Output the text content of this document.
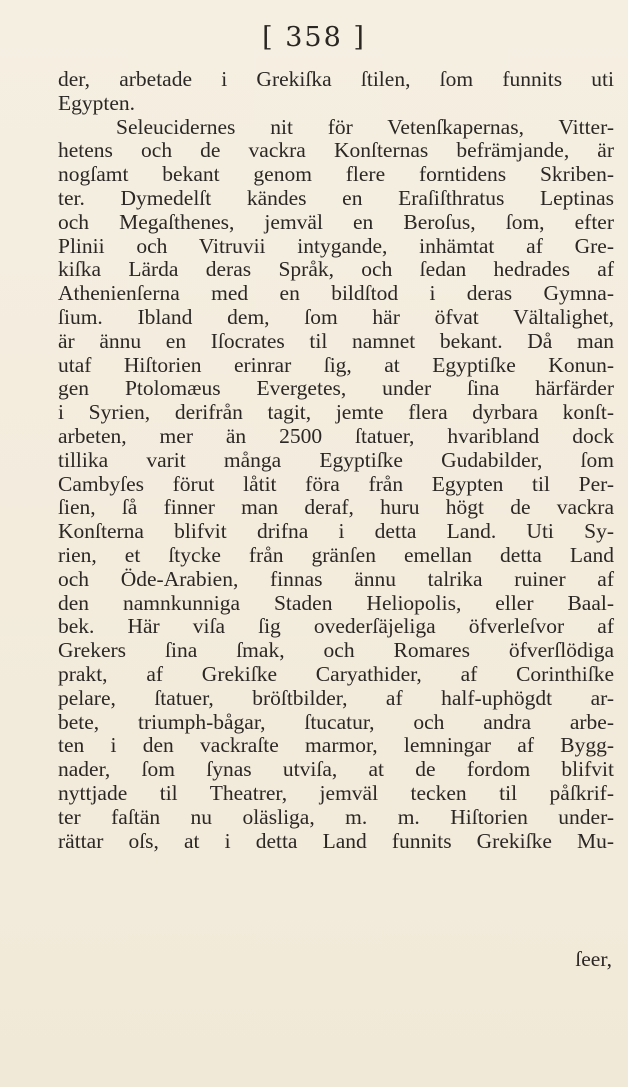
[ 358 ]
der, arbetade i Grekiſka ſtilen, ſom funnits uti
Egypten.
Seleucidernes nit för Vetenſkapernas, Vitter-
hetens och de vackra Konſternas befrämjande, är
nogſamt bekant genom flere forntidens Skriben-
ter. Dymedelſt kändes en Eraſiſthratus Leptinas
och Megaſthenes, jemväl en Beroſus, ſom, efter
Plinii och Vitruvii intygande, inhämtat af Gre-
kiſka Lärda deras Språk, och ſedan hedrades af
Athenienſerna med en bildſtod i deras Gymna-
ſium. Ibland dem, ſom här öfvat Vältalighet,
är ännu en Iſocrates til namnet bekant. Då man
utaf Hiſtorien erinrar ſig, at Egyptiſke Konun-
gen Ptolomæus Evergetes, under ſina härfärder
i Syrien, derifrån tagit, jemte flera dyrbara konſt-
arbeten, mer än 2500 ſtatuer, hvaribland dock
tillika varit många Egyptiſke Gudabilder, ſom
Cambyſes förut låtit föra från Egypten til Per-
ſien, ſå finner man deraf, huru högt de vackra
Konſterna blifvit drifna i detta Land. Uti Sy-
rien, et ſtycke från gränſen emellan detta Land
och Öde-Arabien, finnas ännu talrika ruiner af
den namnkunniga Staden Heliopolis, eller Baal-
bek. Här viſa ſig ovederſäjeliga öfverleſvor af
Grekers ſina ſmak, och Romares öfverſlödiga
prakt, af Grekiſke Caryathider, af Corinthiſke
pelare, ſtatuer, bröſtbilder, af half-uphögdt ar-
bete, triumph-bågar, ſtucatur, och andra arbe-
ten i den vackraſte marmor, lemningar af Bygg-
nader, ſom ſynas utviſa, at de fordom blifvit
nyttjade til Theatrer, jemväl tecken til påſkrif-
ter faſtän nu oläsliga, m. m. Hiſtorien under-
rättar oſs, at i detta Land funnits Grekiſke Mu-
ſeer,
